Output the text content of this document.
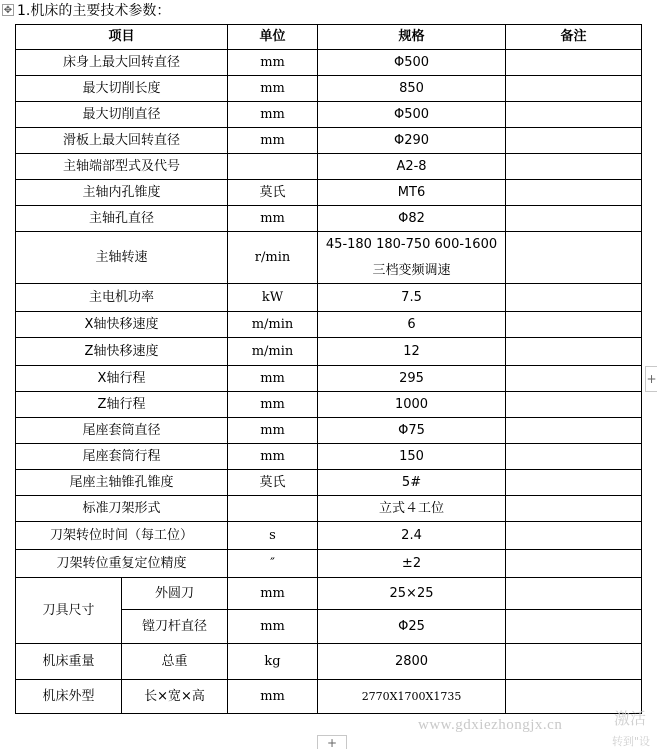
✥ 1.机床的主要技术参数：
项目		单位	规格	备注
床身上最大回转直径		mm	Φ500	
最大切削长度		mm	850	
最大切削直径		mm	Φ500	
滑板上最大回转直径		mm	Φ290	
主轴端部型式及代号			A2-8	
主轴内孔锥度		莫氏	MT6	
主轴孔直径		mm	Φ82	
主轴转速		r/min	45-180 180-750 600-1600
三档变频调速	

主电机功率		kW	7.5	
X轴快移速度		m/min	6	
Z轴快移速度		m/min	12	
X轴行程		mm	295	
Z轴行程		mm	1000	
尾座套筒直径		mm	Φ75	
尾座套筒行程		mm	150	
尾座主轴锥孔锥度		莫氏	5#	
标准刀架形式			立式４工位	
刀架转位时间（每工位）		s	2.4	
刀架转位重复定位精度		″	±2	
刀具尺寸	外圆刀	mm	25×25	
	镗刀杆直径	mm	Φ25	
机床重量	总重	kg	2800	
机床外型	长×宽×高	mm	2770X1700X1735	
+
+
www.gdxiezhongjx.cn	激活
转到"设
